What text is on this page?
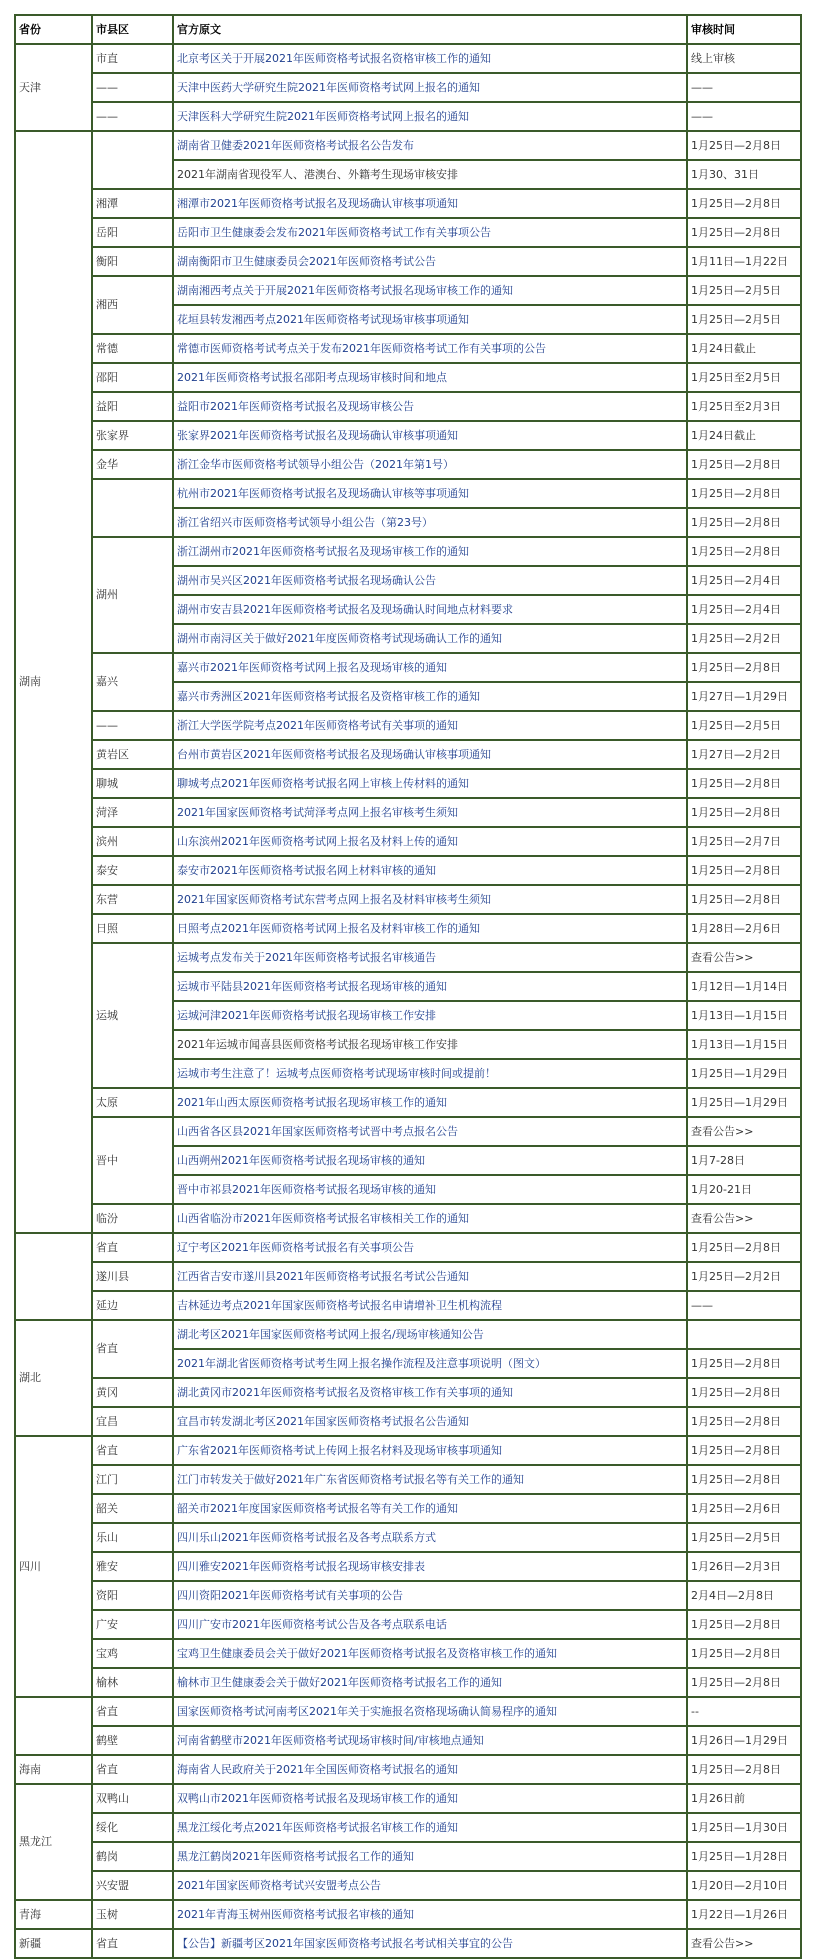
省份	市县区	官方原文	审核时间
天津	市直	北京考区关于开展2021年医师资格考试报名资格审核工作的通知	线上审核
	——	天津中医药大学研究生院2021年医师资格考试网上报名的通知	——
	——	天津医科大学研究生院2021年医师资格考试网上报名的通知	——
湖南		湖南省卫健委2021年医师资格考试报名公告发布	1月25日—2月8日
		2021年湖南省现役军人、港澳台、外籍考生现场审核安排	1月30、31日
	湘潭	湘潭市2021年医师资格考试报名及现场确认审核事项通知	1月25日—2月8日
	岳阳	岳阳市卫生健康委会发布2021年医师资格考试工作有关事项公告	1月25日—2月8日
	衡阳	湖南衡阳市卫生健康委员会2021年医师资格考试公告	1月11日—1月22日
	湘西	湖南湘西考点关于开展2021年医师资格考试报名现场审核工作的通知	1月25日—2月5日
		花垣县转发湘西考点2021年医师资格考试现场审核事项通知	1月25日—2月5日
	常德	常德市医师资格考试考点关于发布2021年医师资格考试工作有关事项的公告	1月24日截止
	邵阳	2021年医师资格考试报名邵阳考点现场审核时间和地点	1月25日至2月5日
	益阳	益阳市2021年医师资格考试报名及现场审核公告	1月25日至2月3日
	张家界	张家界2021年医师资格考试报名及现场确认审核事项通知	1月24日截止
	金华	浙江金华市医师资格考试领导小组公告（2021年第1号）	1月25日—2月8日
		杭州市2021年医师资格考试报名及现场确认审核等事项通知	1月25日—2月8日
		浙江省绍兴市医师资格考试领导小组公告（第23号）	1月25日—2月8日
	湖州	浙江湖州市2021年医师资格考试报名及现场审核工作的通知	1月25日—2月8日
		湖州市吴兴区2021年医师资格考试报名现场确认公告	1月25日—2月4日
		湖州市安吉县2021年医师资格考试报名及现场确认时间地点材料要求	1月25日—2月4日
		湖州市南浔区关于做好2021年度医师资格考试现场确认工作的通知	1月25日—2月2日
	嘉兴	嘉兴市2021年医师资格考试网上报名及现场审核的通知	1月25日—2月8日
		嘉兴市秀洲区2021年医师资格考试报名及资格审核工作的通知	1月27日—1月29日
	——	浙江大学医学院考点2021年医师资格考试有关事项的通知	1月25日—2月5日
	黄岩区	台州市黄岩区2021年医师资格考试报名及现场确认审核事项通知	1月27日—2月2日
	聊城	聊城考点2021年医师资格考试报名网上审核上传材料的通知	1月25日—2月8日
	菏泽	2021年国家医师资格考试菏泽考点网上报名审核考生须知	1月25日—2月8日
	滨州	山东滨州2021年医师资格考试网上报名及材料上传的通知	1月25日—2月7日
	泰安	泰安市2021年医师资格考试报名网上材料审核的通知	1月25日—2月8日
	东营	2021年国家医师资格考试东营考点网上报名及材料审核考生须知	1月25日—2月8日
	日照	日照考点2021年医师资格考试网上报名及材料审核工作的通知	1月28日—2月6日
	运城	运城考点发布关于2021年医师资格考试报名审核通告	查看公告>>
		运城市平陆县2021年医师资格考试报名现场审核的通知	1月12日—1月14日
		运城河津2021年医师资格考试报名现场审核工作安排	1月13日—1月15日
		2021年运城市闻喜县医师资格考试报名现场审核工作安排	1月13日—1月15日
		运城市考生注意了！运城考点医师资格考试现场审核时间或提前！	1月25日—1月29日
	太原	2021年山西太原医师资格考试报名现场审核工作的通知	1月25日—1月29日
	晋中	山西省各区县2021年国家医师资格考试晋中考点报名公告	查看公告>>
		山西朔州2021年医师资格考试报名现场审核的通知	1月7-28日
		晋中市祁县2021年医师资格考试报名现场审核的通知	1月20-21日
	临汾	山西省临汾市2021年医师资格考试报名审核相关工作的通知	查看公告>>
	省直	辽宁考区2021年医师资格考试报名有关事项公告	1月25日—2月8日
	遂川县	江西省吉安市遂川县2021年医师资格考试报名考试公告通知	1月25日—2月2日
	延边	吉林延边考点2021年国家医师资格考试报名申请增补卫生机构流程	——
湖北	省直	湖北考区2021年国家医师资格考试网上报名/现场审核通知公告	
		2021年湖北省医师资格考试考生网上报名操作流程及注意事项说明（图文）	1月25日—2月8日
	黄冈	湖北黄冈市2021年医师资格考试报名及资格审核工作有关事项的通知	1月25日—2月8日
	宜昌	宜昌市转发湖北考区2021年国家医师资格考试报名公告通知	1月25日—2月8日
四川	省直	广东省2021年医师资格考试上传网上报名材料及现场审核事项通知	1月25日—2月8日
	江门	江门市转发关于做好2021年广东省医师资格考试报名等有关工作的通知	1月25日—2月8日
	韶关	韶关市2021年度国家医师资格考试报名等有关工作的通知	1月25日—2月6日
	乐山	四川乐山2021年医师资格考试报名及各考点联系方式	1月25日—2月5日
	雅安	四川雅安2021年医师资格考试报名现场审核安排表	1月26日—2月3日
	资阳	四川资阳2021年医师资格考试有关事项的公告	2月4日—2月8日
	广安	四川广安市2021年医师资格考试公告及各考点联系电话	1月25日—2月8日
	宝鸡	宝鸡卫生健康委员会关于做好2021年医师资格考试报名及资格审核工作的通知	1月25日—2月8日
	榆林	榆林市卫生健康委会关于做好2021年医师资格考试报名工作的通知	1月25日—2月8日
	省直	国家医师资格考试河南考区2021年关于实施报名资格现场确认简易程序的通知	--
	鹤壁	河南省鹤壁市2021年医师资格考试现场审核时间/审核地点通知	1月26日—1月29日
海南	省直	海南省人民政府关于2021年全国医师资格考试报名的通知	1月25日—2月8日
黑龙江	双鸭山	双鸭山市2021年医师资格考试报名及现场审核工作的通知	1月26日前
	绥化	黑龙江绥化考点2021年医师资格考试报名审核工作的通知	1月25日—1月30日
	鹤岗	黑龙江鹤岗2021年医师资格考试报名工作的通知	1月25日—1月28日
	兴安盟	2021年国家医师资格考试兴安盟考点公告	1月20日—2月10日
青海	玉树	2021年青海玉树州医师资格考试报名审核的通知	1月22日—1月26日
新疆	省直	【公告】新疆考区2021年国家医师资格考试报名考试相关事宜的公告	查看公告>>
